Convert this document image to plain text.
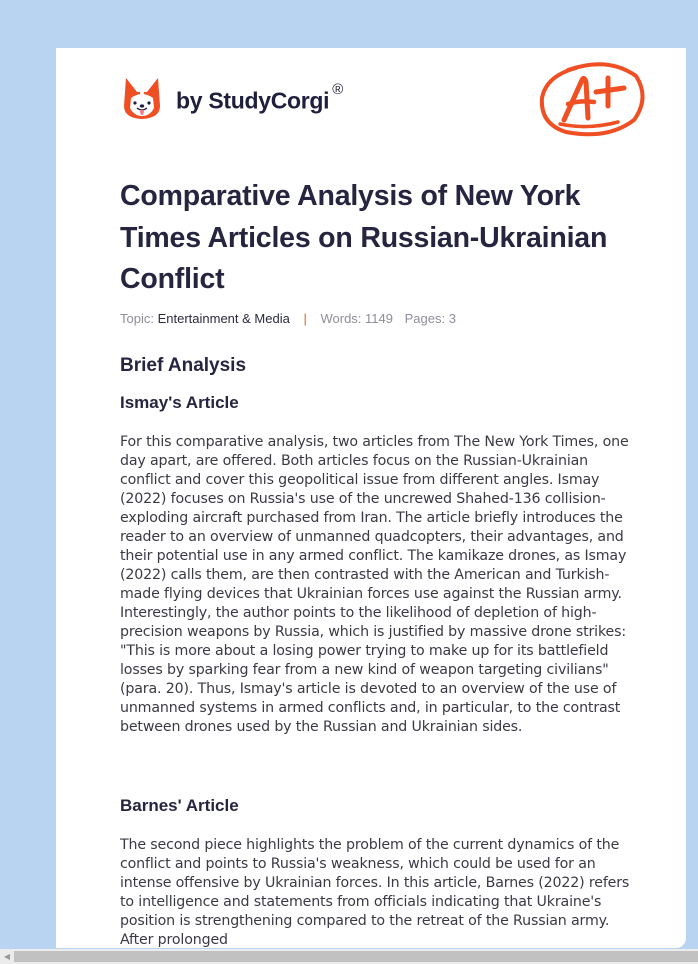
by StudyCorgi ®
Comparative Analysis of New York Times Articles on Russian-Ukrainian Conflict
Topic: Entertainment & Media | Words: 1149 Pages: 3
Brief Analysis
Ismay's Article

For this comparative analysis, two articles from The New York Times, one day apart, are offered. Both articles focus on the Russian-Ukrainian conflict and cover this geopolitical issue from different angles. Ismay (2022) focuses on Russia's use of the uncrewed Shahed-136 collision-exploding aircraft purchased from Iran. The article briefly introduces the reader to an overview of unmanned quadcopters, their advantages, and their potential use in any armed conflict. The kamikaze drones, as Ismay (2022) calls them, are then contrasted with the American and Turkish-made flying devices that Ukrainian forces use against the Russian army. Interestingly, the author points to the likelihood of depletion of high-precision weapons by Russia, which is justified by massive drone strikes: "This is more about a losing power trying to make up for its battlefield losses by sparking fear from a new kind of weapon targeting civilians" (para. 20). Thus, Ismay's article is devoted to an overview of the use of unmanned systems in armed conflicts and, in particular, to the contrast between drones used by the Russian and Ukrainian sides.

Barnes' Article

The second piece highlights the problem of the current dynamics of the conflict and points to Russia's weakness, which could be used for an intense offensive by Ukrainian forces. In this article, Barnes (2022) refers to intelligence and statements from officials indicating that Ukraine's position is strengthening compared to the retreat of the Russian army. After prolonged

◀
